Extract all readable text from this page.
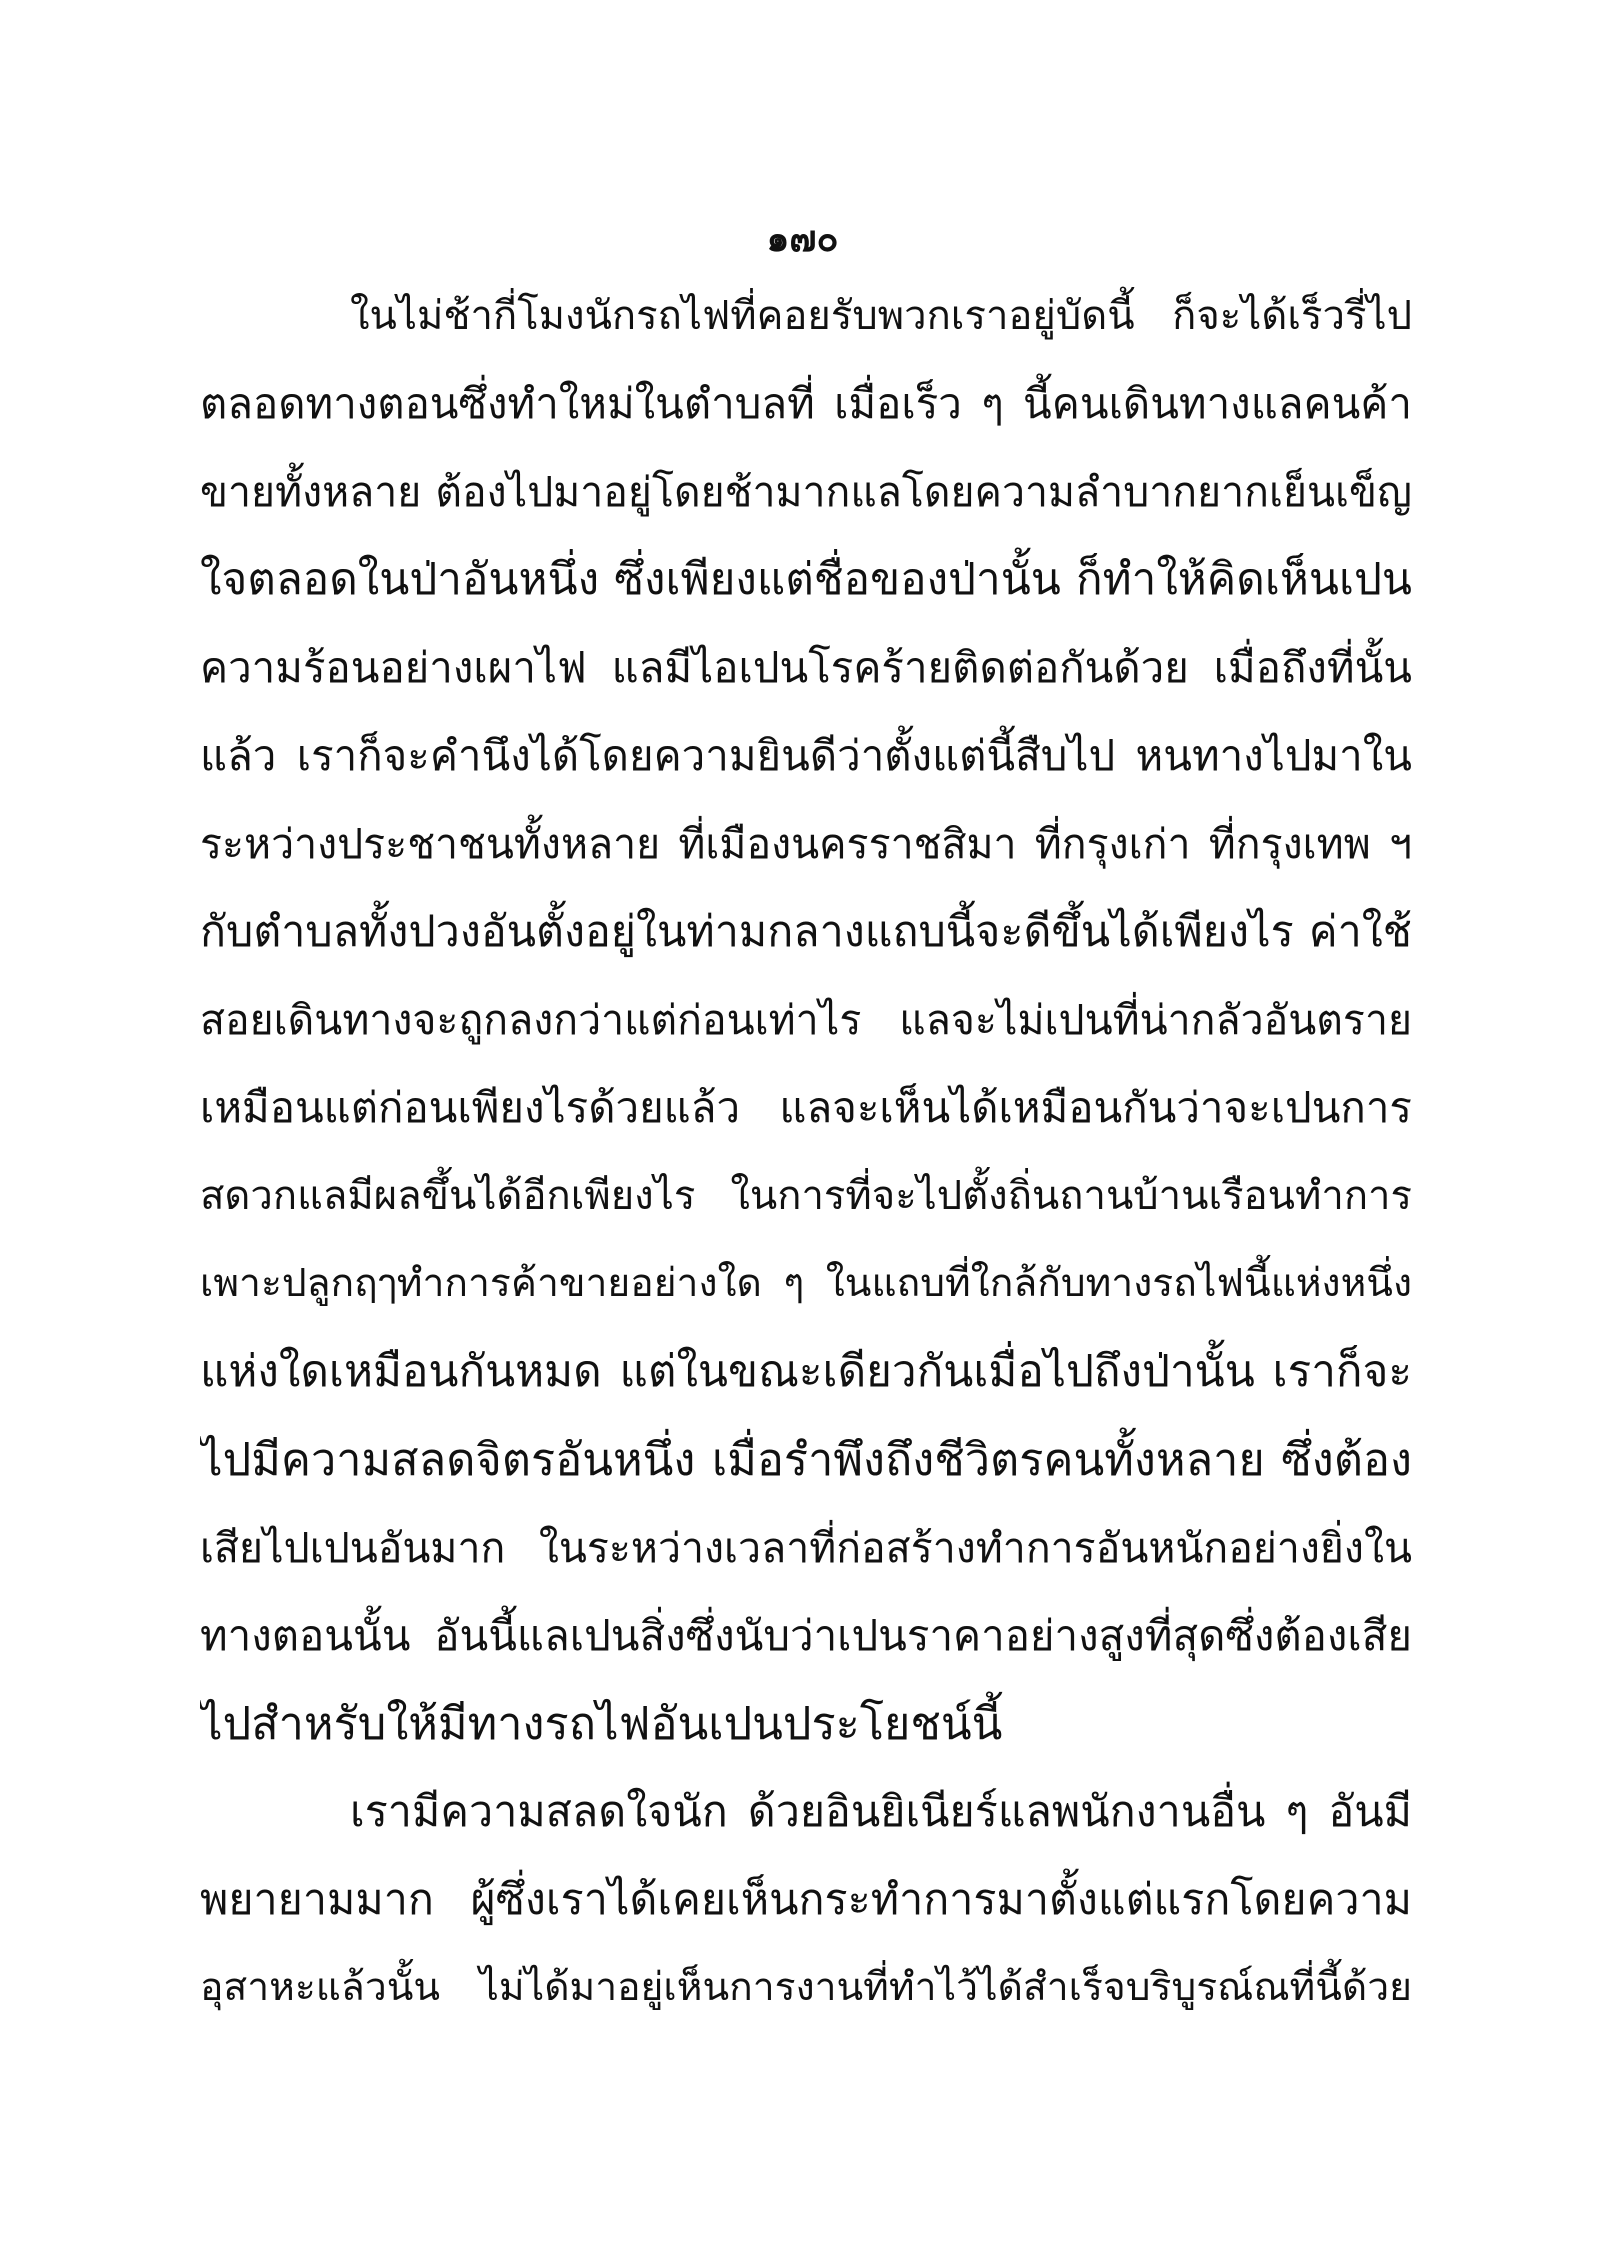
๑๗๐
ในไม่ช้ากี่โมงนักรถไฟที่คอยรับพวกเราอยู่บัดนี้ ก็จะได้เร็วรี่ไป
ตลอดทางตอนซึ่งทำใหม่ในตำบลที่ เมื่อเร็ว ๆ นี้คนเดินทางแลคนค้า
ขายทั้งหลาย ต้องไปมาอยู่โดยช้ามากแลโดยความลำบากยากเย็นเข็ญ
ใจตลอดในป่าอันหนึ่ง ซึ่งเพียงแต่ชื่อของป่านั้น ก็ทำให้คิดเห็นเปน
ความร้อนอย่างเผาไฟ แลมีไอเปนโรคร้ายติดต่อกันด้วย เมื่อถึงที่นั้น
แล้ว เราก็จะคำนึงได้โดยความยินดีว่าตั้งแต่นี้สืบไป หนทางไปมาใน
ระหว่างประชาชนทั้งหลาย ที่เมืองนครราชสิมา ที่กรุงเก่า ที่กรุงเทพ ฯ
กับตำบลทั้งปวงอันตั้งอยู่ในท่ามกลางแถบนี้จะดีขึ้นได้เพียงไร ค่าใช้
สอยเดินทางจะถูกลงกว่าแต่ก่อนเท่าไร แลจะไม่เปนที่น่ากลัวอันตราย
เหมือนแต่ก่อนเพียงไรด้วยแล้ว แลจะเห็นได้เหมือนกันว่าจะเปนการ
สดวกแลมีผลขึ้นได้อีกเพียงไร ในการที่จะไปตั้งถิ่นถานบ้านเรือนทำการ
เพาะปลูกฤๅทำการค้าขายอย่างใด ๆ ในแถบที่ใกล้กับทางรถไฟนี้แห่งหนึ่ง
แห่งใดเหมือนกันหมด แต่ในขณะเดียวกันเมื่อไปถึงป่านั้น เราก็จะ
ไปมีความสลดจิตรอันหนึ่ง เมื่อรำพึงถึงชีวิตรคนทั้งหลาย ซึ่งต้อง
เสียไปเปนอันมาก ในระหว่างเวลาที่ก่อสร้างทำการอันหนักอย่างยิ่งใน
ทางตอนนั้น อันนี้แลเปนสิ่งซึ่งนับว่าเปนราคาอย่างสูงที่สุดซึ่งต้องเสีย
ไปสำหรับให้มีทางรถไฟอันเปนประโยชน์นี้
เรามีความสลดใจนัก ด้วยอินยิเนียร์แลพนักงานอื่น ๆ อันมี
พยายามมาก ผู้ซึ่งเราได้เคยเห็นกระทำการมาตั้งแต่แรกโดยความ
อุสาหะแล้วนั้น ไม่ได้มาอยู่เห็นการงานที่ทำไว้ได้สำเร็จบริบูรณ์ณที่นี้ด้วย
